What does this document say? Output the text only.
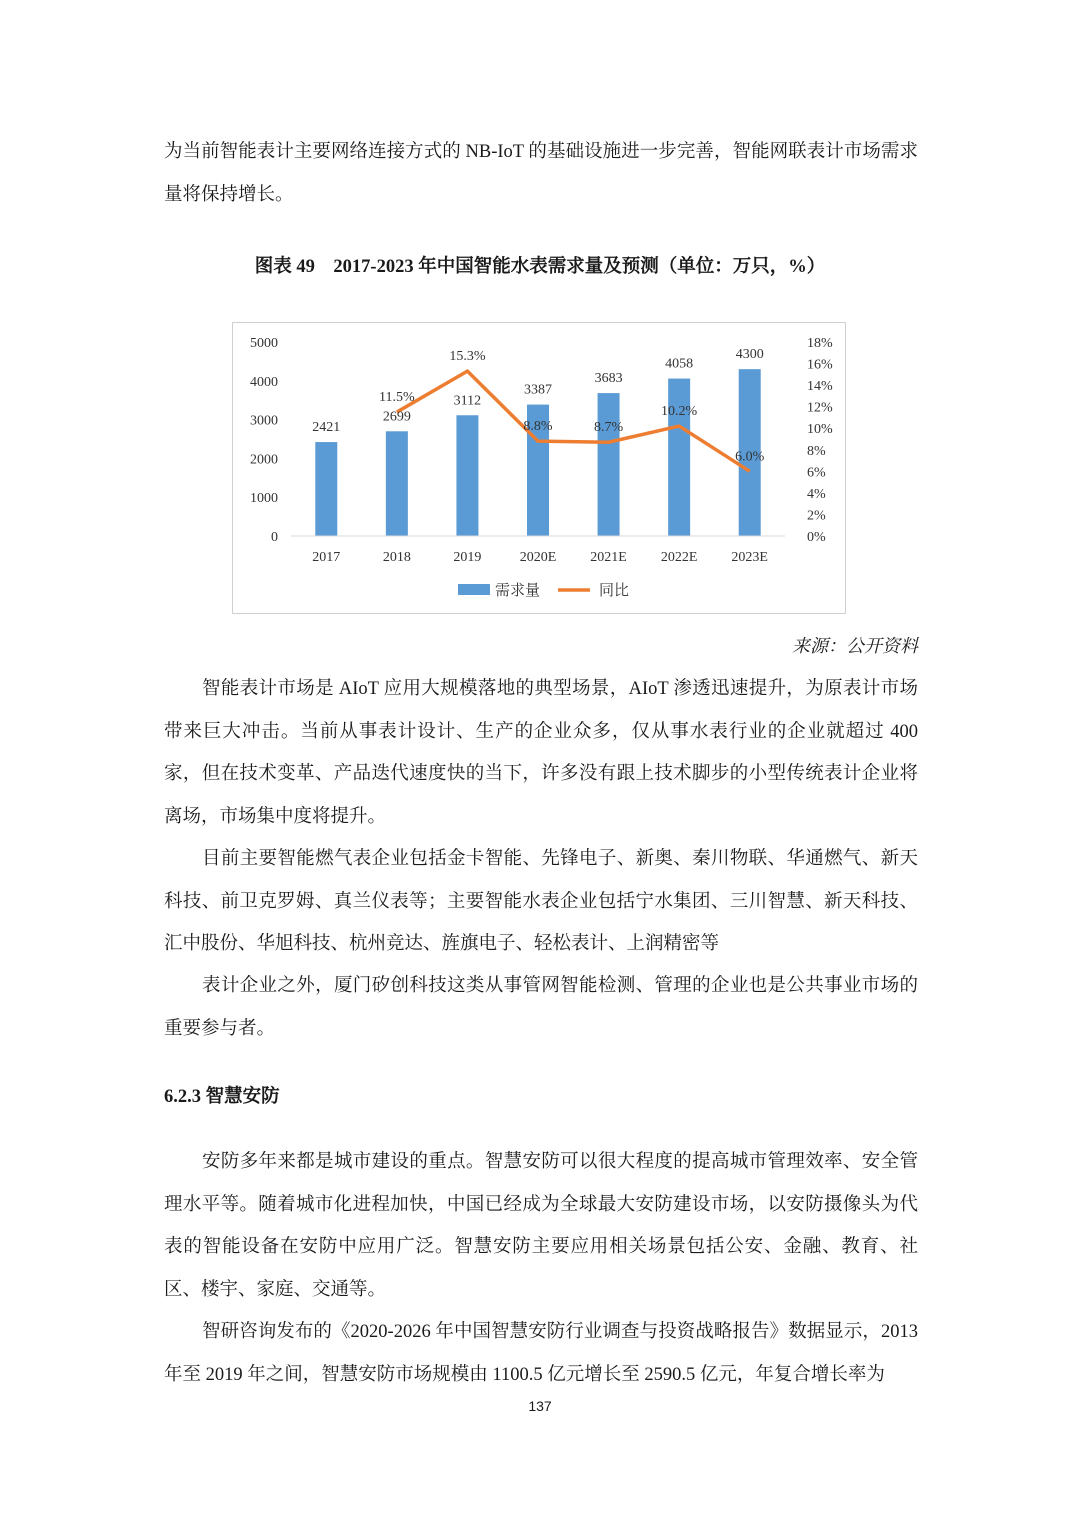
为当前智能表计主要网络连接方式的 NB-IoT 的基础设施进一步完善，智能网联表计市场需求量将保持增长。

图表 49　2017-2023 年中国智能水表需求量及预测（单位：万只，%）
0
1000
2000
3000
4000
5000
0%
2%
4%
6%
8%
10%
12%
14%
16%
18%
2017	2018	2019	2020E 2021E 2022E 2023E
2421
2699
3112
3387
3683
4058
4300
11.5%
15.3%
8.8%	8.7%
10.2%
6.0%
需求量	同比
来源：公开资料

智能表计市场是 AIoT 应用大规模落地的典型场景，AIoT 渗透迅速提升，为原表计市场带来巨大冲击。当前从事表计设计、生产的企业众多，仅从事水表行业的企业就超过 400 家，但在技术变革、产品迭代速度快的当下，许多没有跟上技术脚步的小型传统表计企业将离场，市场集中度将提升。

目前主要智能燃气表企业包括金卡智能、先锋电子、新奥、秦川物联、华通燃气、新天科技、前卫克罗姆、真兰仪表等；主要智能水表企业包括宁水集团、三川智慧、新天科技、汇中股份、华旭科技、杭州竞达、旌旗电子、轻松表计、上润精密等

表计企业之外，厦门矽创科技这类从事管网智能检测、管理的企业也是公共事业市场的重要参与者。

6.2.3 智慧安防

安防多年来都是城市建设的重点。智慧安防可以很大程度的提高城市管理效率、安全管理水平等。随着城市化进程加快，中国已经成为全球最大安防建设市场，以安防摄像头为代表的智能设备在安防中应用广泛。智慧安防主要应用相关场景包括公安、金融、教育、社区、楼宇、家庭、交通等。

智研咨询发布的《2020-2026 年中国智慧安防行业调查与投资战略报告》数据显示，2013 年至 2019 年之间，智慧安防市场规模由 1100.5 亿元增长至 2590.5 亿元，年复合增长率为

137
